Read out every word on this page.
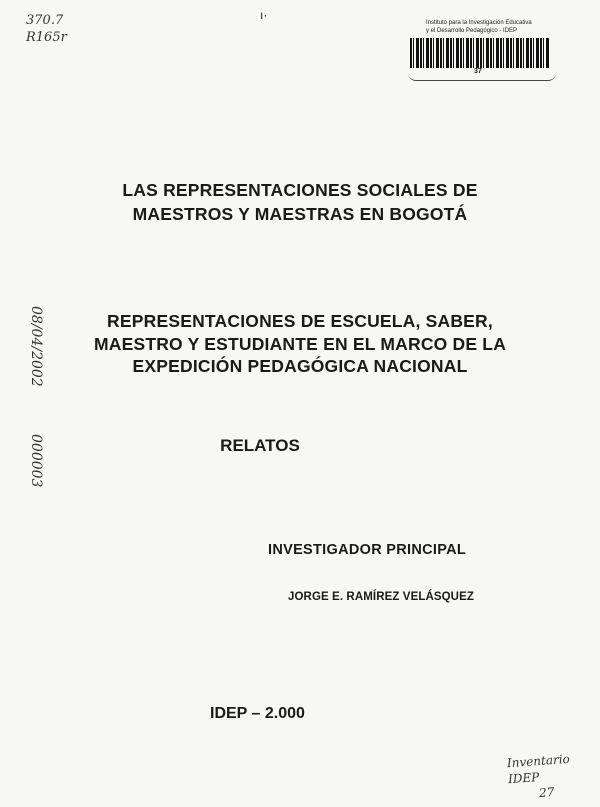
370.7
R165r
ı·
Instituto para la Investigación Educativa
y el Desarrollo Pedagógico - IDEP
37
08/04/2002
000003
LAS REPRESENTACIONES SOCIALES DE
MAESTROS Y MAESTRAS EN BOGOTÁ
REPRESENTACIONES DE ESCUELA, SABER,
MAESTRO Y ESTUDIANTE EN EL MARCO DE LA
EXPEDICIÓN PEDAGÓGICA NACIONAL
RELATOS
INVESTIGADOR PRINCIPAL
JORGE E. RAMÍREZ VELÁSQUEZ
IDEP – 2.000
Inventario IDEP
27
